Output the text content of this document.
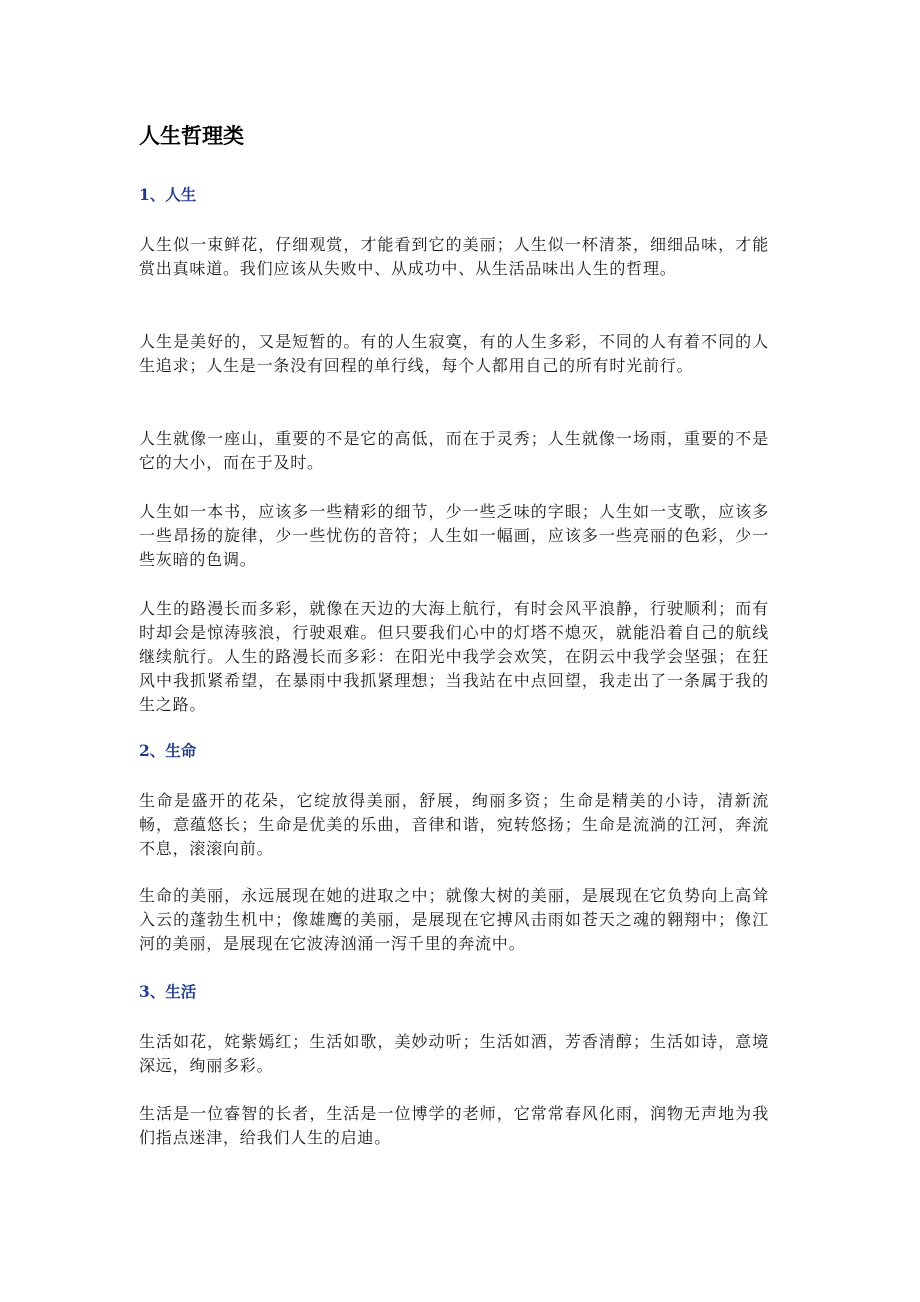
人生哲理类
1、人生

人生似一束鲜花，仔细观赏，才能看到它的美丽；人生似一杯清茶，细细品味，才能赏出真味道。我们应该从失败中、从成功中、从生活品味出人生的哲理。

人生是美好的，又是短暂的。有的人生寂寞，有的人生多彩，不同的人有着不同的人生追求；人生是一条没有回程的单行线，每个人都用自己的所有时光前行。

人生就像一座山，重要的不是它的高低，而在于灵秀；人生就像一场雨，重要的不是它的大小，而在于及时。

人生如一本书，应该多一些精彩的细节，少一些乏味的字眼；人生如一支歌，应该多一些昂扬的旋律，少一些忧伤的音符；人生如一幅画，应该多一些亮丽的色彩，少一些灰暗的色调。

人生的路漫长而多彩，就像在天边的大海上航行，有时会风平浪静，行驶顺利；而有时却会是惊涛骇浪，行驶艰难。但只要我们心中的灯塔不熄灭，就能沿着自己的航线继续航行。人生的路漫长而多彩：在阳光中我学会欢笑，在阴云中我学会坚强；在狂风中我抓紧希望，在暴雨中我抓紧理想；当我站在中点回望，我走出了一条属于我的生之路。

2、生命

生命是盛开的花朵，它绽放得美丽，舒展，绚丽多资；生命是精美的小诗，清新流畅，意蕴悠长；生命是优美的乐曲，音律和谐，宛转悠扬；生命是流淌的江河，奔流不息，滚滚向前。

生命的美丽，永远展现在她的进取之中；就像大树的美丽，是展现在它负势向上高耸入云的蓬勃生机中；像雄鹰的美丽，是展现在它搏风击雨如苍天之魂的翱翔中；像江河的美丽，是展现在它波涛汹涌一泻千里的奔流中。

3、生活

生活如花，姹紫嫣红；生活如歌，美妙动听；生活如酒，芳香清醇；生活如诗，意境深远，绚丽多彩。

生活是一位睿智的长者，生活是一位博学的老师，它常常春风化雨，润物无声地为我们指点迷津，给我们人生的启迪。
